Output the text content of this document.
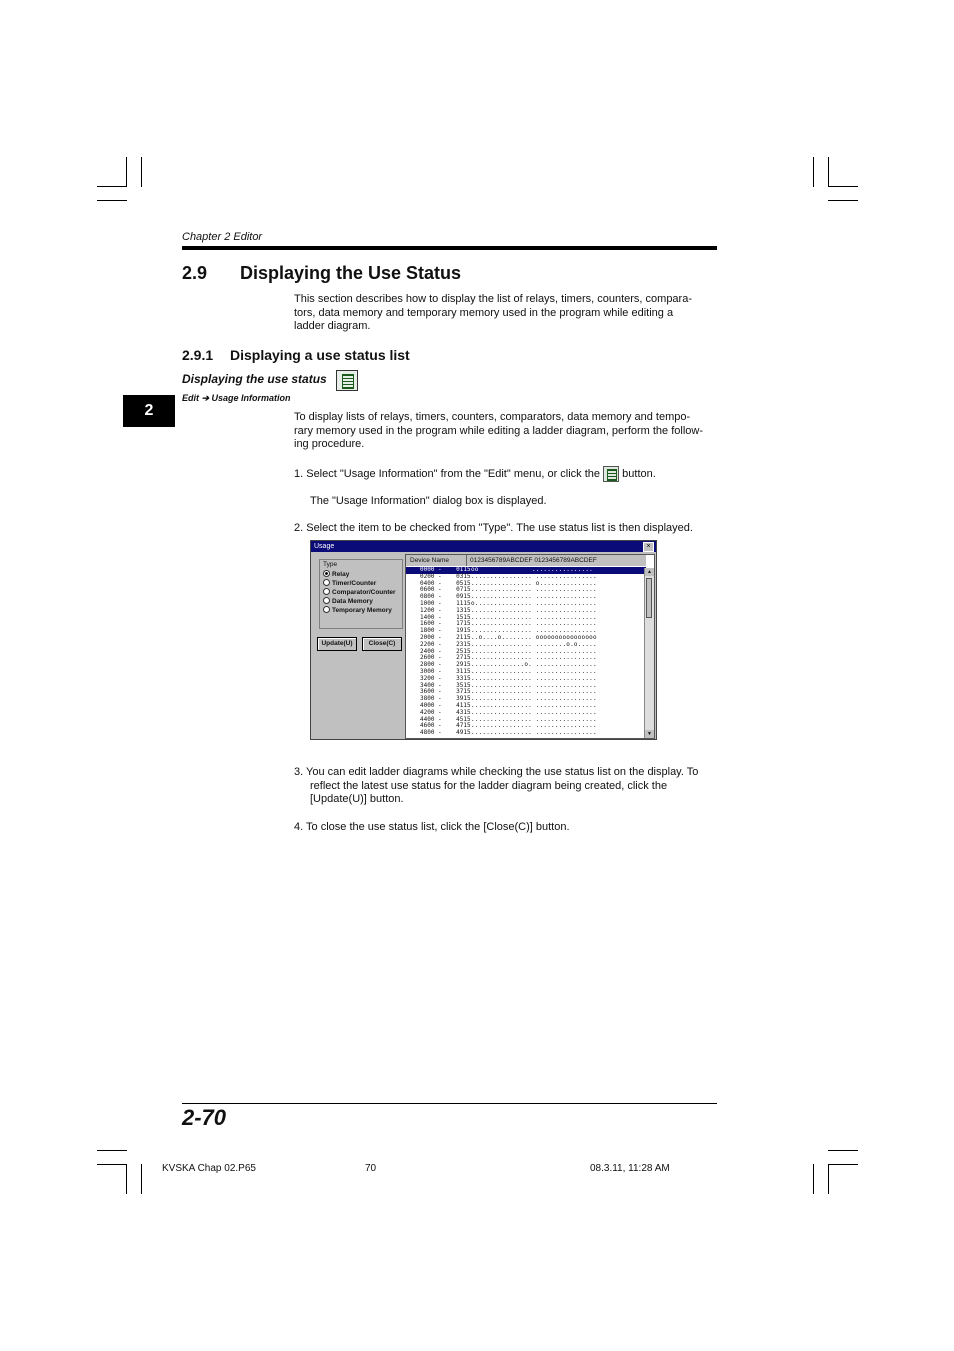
Chapter 2 Editor
2.9 Displaying the Use Status
This section describes how to display the list of relays, timers, counters, compara-
tors, data memory and temporary memory used in the program while editing a
ladder diagram.
2.9.1 Displaying a use status list
Displaying the use status
Edit ➔ Usage Information
2	To display lists of relays, timers, counters, comparators, data memory and tempo-
rary memory used in the program while editing a ladder diagram, perform the follow-
ing procedure.
1. Select "Usage Information" from the "Edit" menu, or click the button.
The "Usage Information" dialog box is displayed.
2. Select the item to be checked from "Type". The use status list is then displayed.
Usage	×
Type
Relay
Timer/Counter
Comparator/Counter
Data Memory
Temporary Memory
Update(U)	Close(C)
Device Name	0123456789ABCDEF 0123456789ABCDEF
0000 -    0115 oo              ................
0200 -    0315 ................ ................
0400 -    0515 ................ o...............
0600 -    0715 ................ ................
0800 -    0915 ................ ................
1000 -    1115 o............... ................
1200 -    1315 ................ ................
1400 -    1515 ................ ................
1600 -    1715 ................ ................
1800 -    1915 ................ ................
2000 -    2115 ..o....o........ oooooooooooooooo
2200 -    2315 ................ ........o.o.....
2400 -    2515 ................ ................
2600 -    2715 ................ ................
2800 -    2915 ..............o. ................
3000 -    3115 ................ ................
3200 -    3315 ................ ................
3400 -    3515 ................ ................
3600 -    3715 ................ ................
3800 -    3915 ................ ................
4000 -    4115 ................ ................
4200 -    4315 ................ ................
4400 -    4515 ................ ................
4600 -    4715 ................ ................
4800 -    4915 ................ ................
▲
▼
3. You can edit ladder diagrams while checking the use status list on the display. To
reflect the latest use status for the ladder diagram being created, click the
[Update(U)] button.
4. To close the use status list, click the [Close(C)] button.
2-70
KVSKA Chap 02.P65	70	08.3.11, 11:28 AM
